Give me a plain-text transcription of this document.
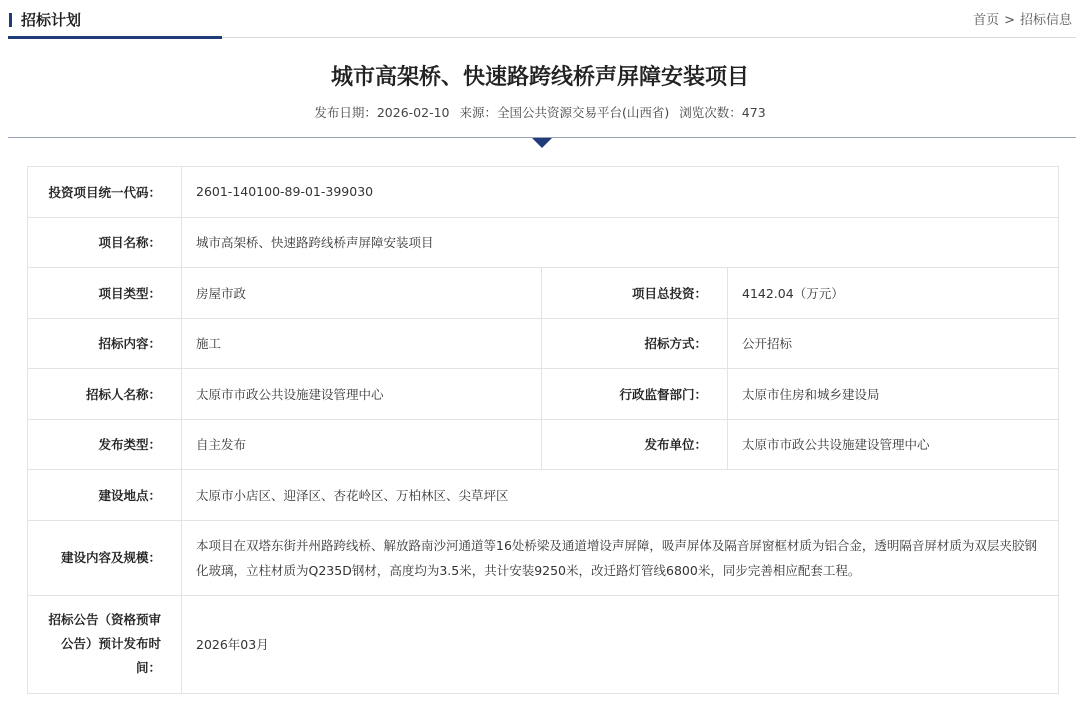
招标计划	首页 > 招标信息
城市高架桥、快速路跨线桥声屏障安装项目
发布日期：2026-02-10 来源：全国公共资源交易平台(山西省) 浏览次数：473
投资项目统一代码：	2601-140100-89-01-399030		
项目名称：	城市高架桥、快速路跨线桥声屏障安装项目		
项目类型：	房屋市政	项目总投资：	4142.04（万元）
招标内容：	施工	招标方式：	公开招标
招标人名称：	太原市市政公共设施建设管理中心	行政监督部门：	太原市住房和城乡建设局
发布类型：	自主发布	发布单位：	太原市市政公共设施建设管理中心
建设地点：	太原市小店区、迎泽区、杏花岭区、万柏林区、尖草坪区		
建设内容及规模：	本项目在双塔东街并州路跨线桥、解放路南沙河通道等16处桥梁及通道增设声屏障，吸声屏体及隔音屏窗框材质为铝合金，透明隔音屏材质为双层夹胶钢化玻璃，立柱材质为Q235D钢材，高度均为3.5米，共计安装9250米，改迁路灯管线6800米，同步完善相应配套工程。		
招标公告（资格预审公告）预计发布时间：	2026年03月		
